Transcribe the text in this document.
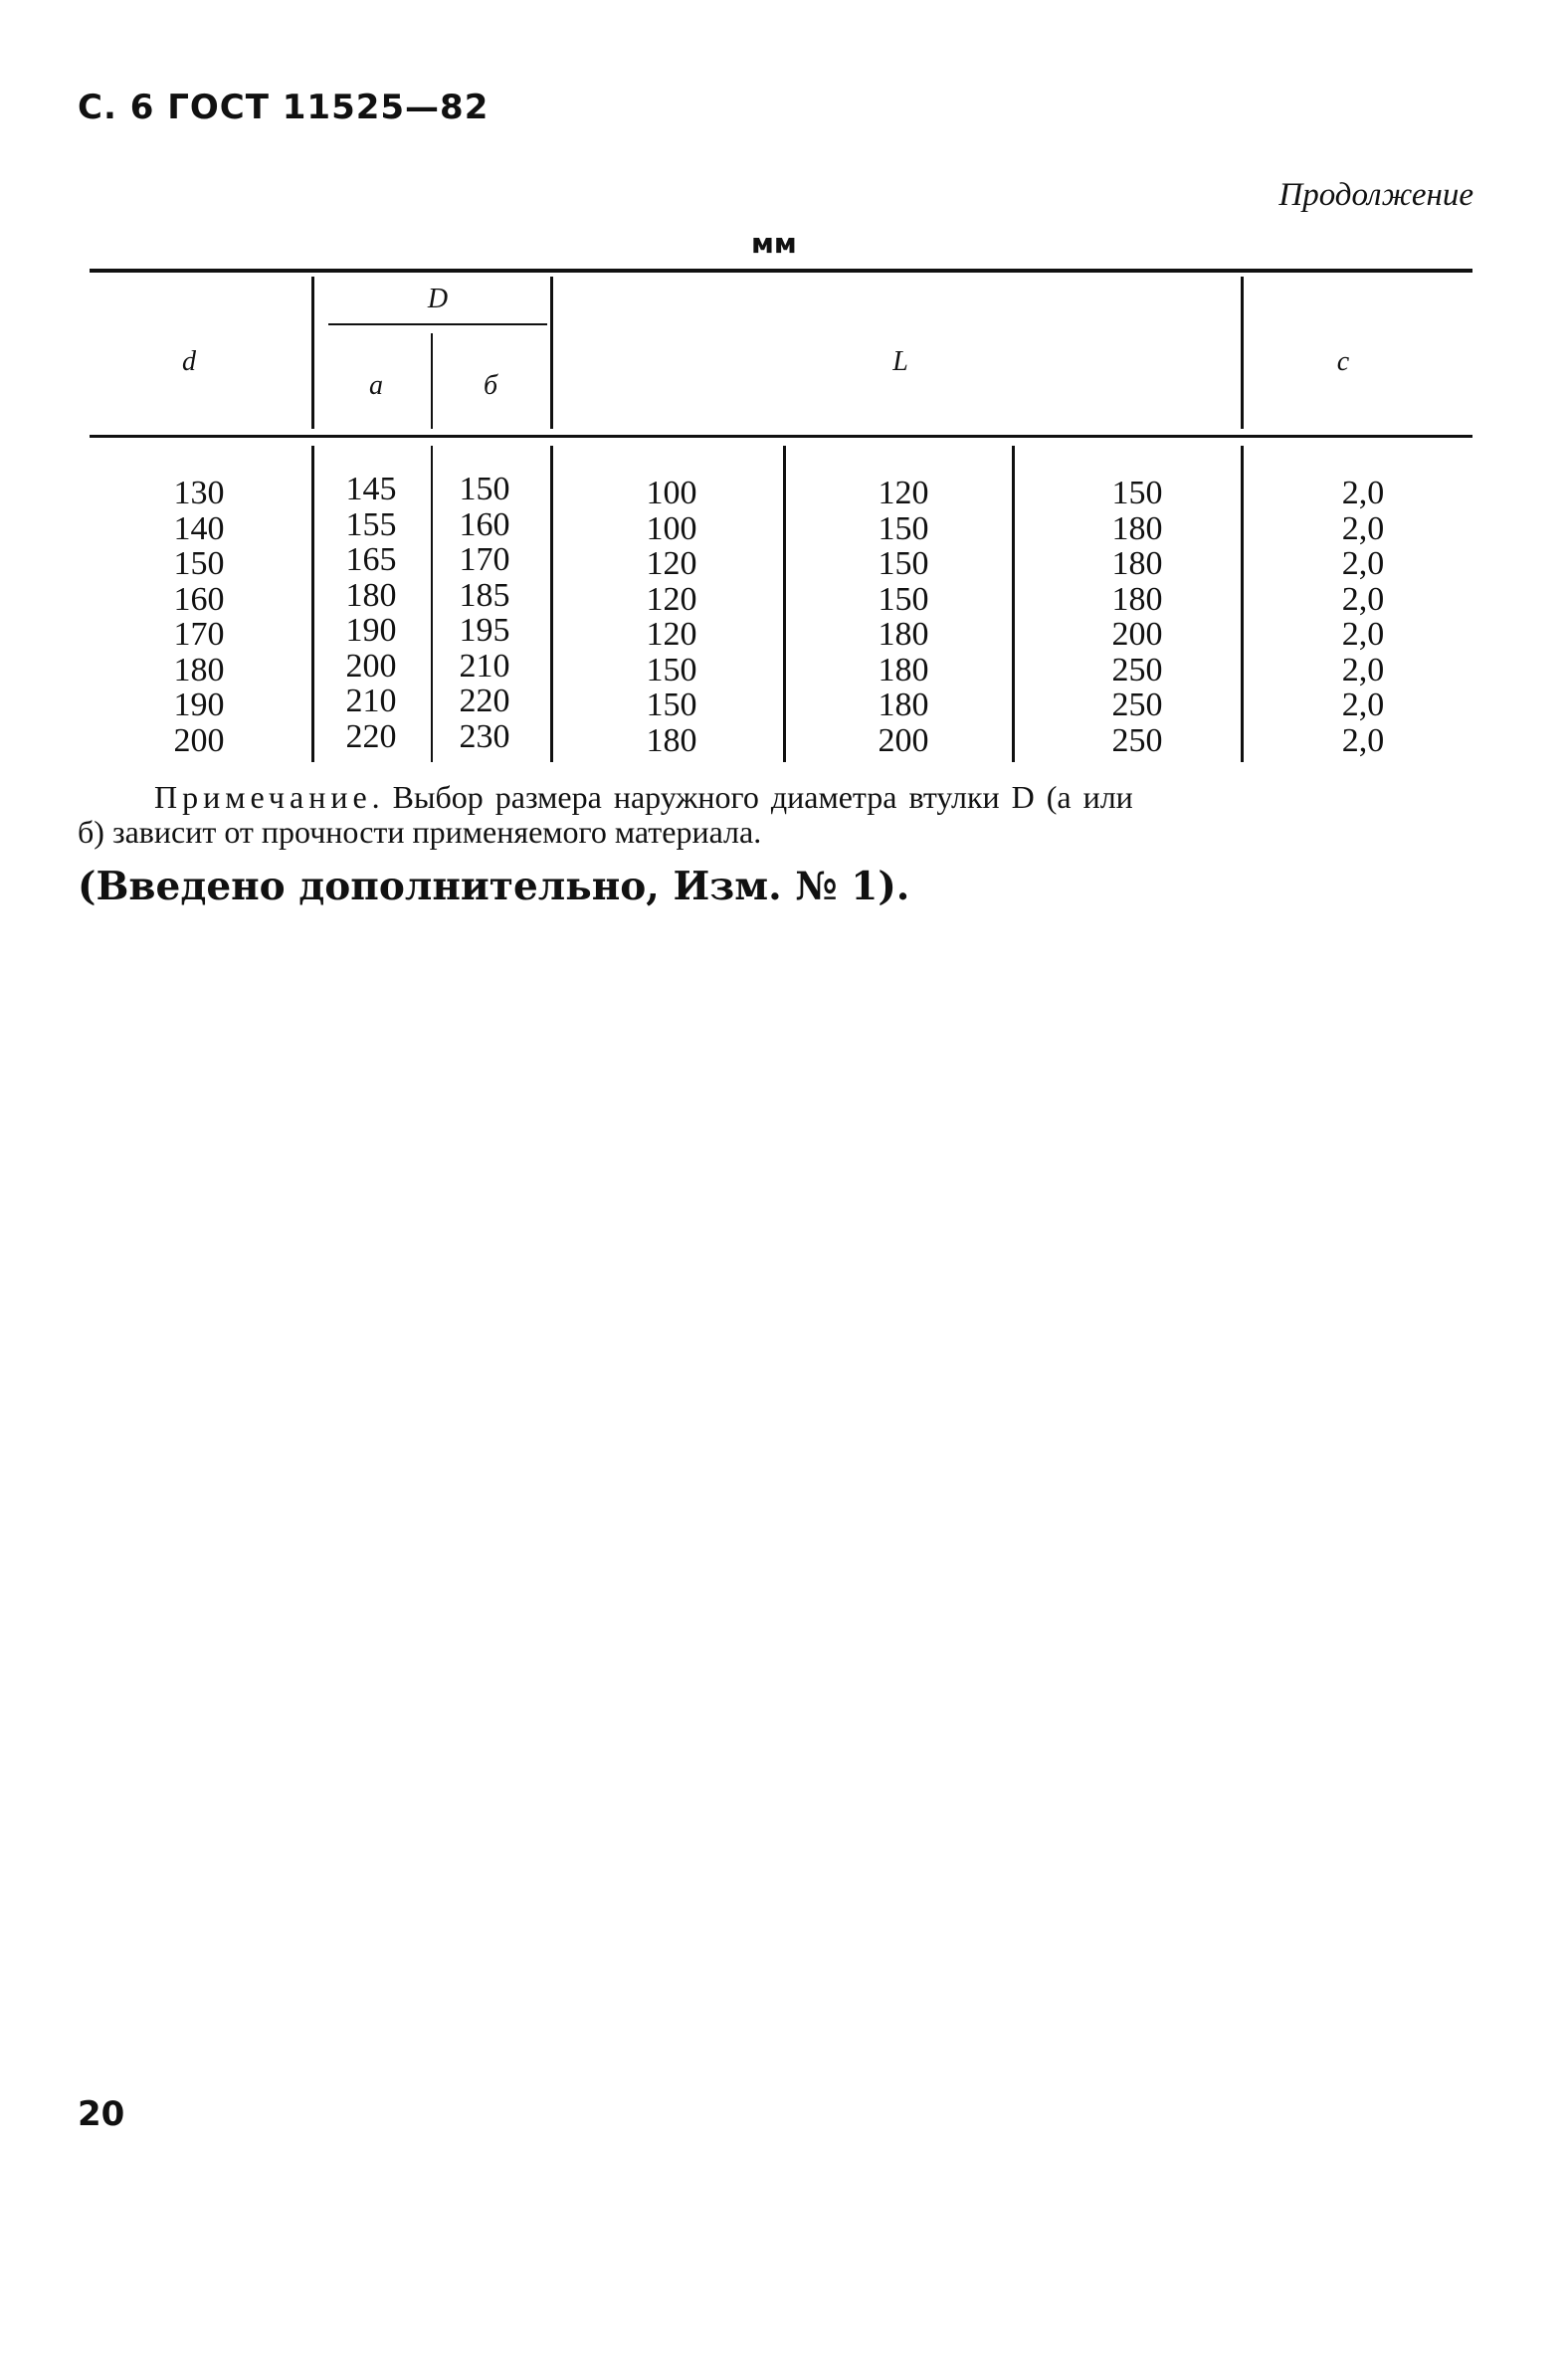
С. 6 ГОСТ 11525—82
Продолжение
мм
d
D
а	б
L	c
130
140
150
160
170
180
190
200
145
155
165
180
190
200
210
220
150
160
170
185
195
210
220
230
100
100
120
120
120
150
150
180
120
150
150
150
180
180
180
200
150
180
180
180
200
250
250
250
2,0
2,0
2,0
2,0
2,0
2,0
2,0
2,0
Примечание. Выбор размера наружного диаметра втулки D (а или
б) зависит от прочности применяемого материала.
(Введено дополнительно, Изм. № 1).
20
